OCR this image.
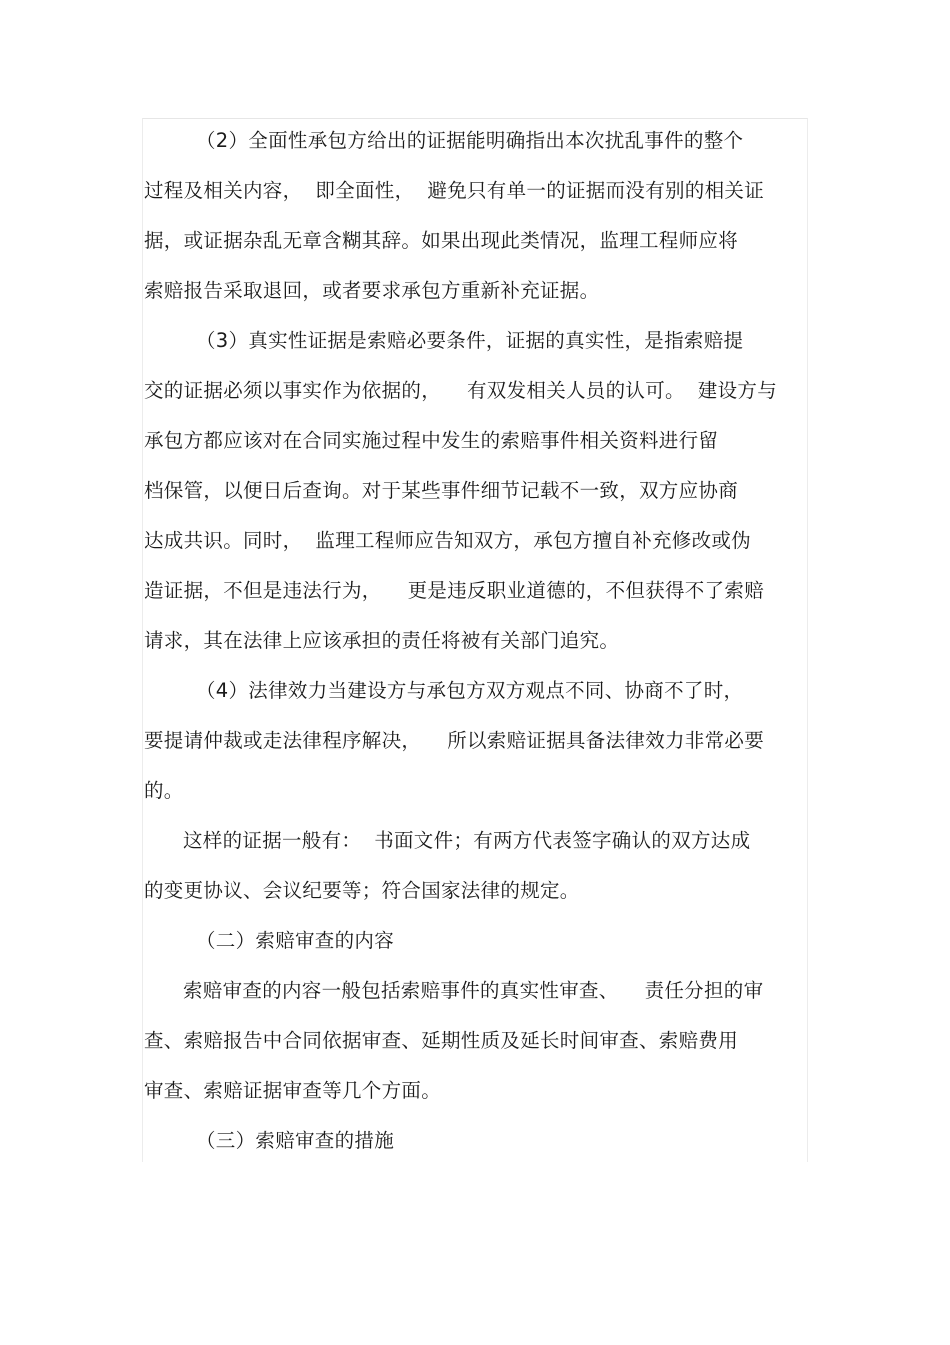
（2）全面性承包方给出的证据能明确指出本次扰乱事件的整个
过程及相关内容，  即全面性，  避免只有单一的证据而没有别的相关证
据，或证据杂乱无章含糊其辞。如果出现此类情况，监理工程师应将
索赔报告采取退回，或者要求承包方重新补充证据。
（3）真实性证据是索赔必要条件，证据的真实性，是指索赔提
交的证据必须以事实作为依据的，    有双发相关人员的认可。  建设方与
承包方都应该对在合同实施过程中发生的索赔事件相关资料进行留
档保管，以便日后查询。对于某些事件细节记载不一致，双方应协商
达成共识。同时，  监理工程师应告知双方，承包方擅自补充修改或伪
造证据，不但是违法行为，    更是违反职业道德的，不但获得不了索赔
请求，其在法律上应该承担的责任将被有关部门追究。
（4）法律效力当建设方与承包方双方观点不同、协商不了时，
要提请仲裁或走法律程序解决，    所以索赔证据具备法律效力非常必要
的。
这样的证据一般有：  书面文件；有两方代表签字确认的双方达成
的变更协议、会议纪要等；符合国家法律的规定。
（二）索赔审查的内容
索赔审查的内容一般包括索赔事件的真实性审查、    责任分担的审
查、索赔报告中合同依据审查、延期性质及延长时间审查、索赔费用
审查、索赔证据审查等几个方面。
（三）索赔审查的措施
